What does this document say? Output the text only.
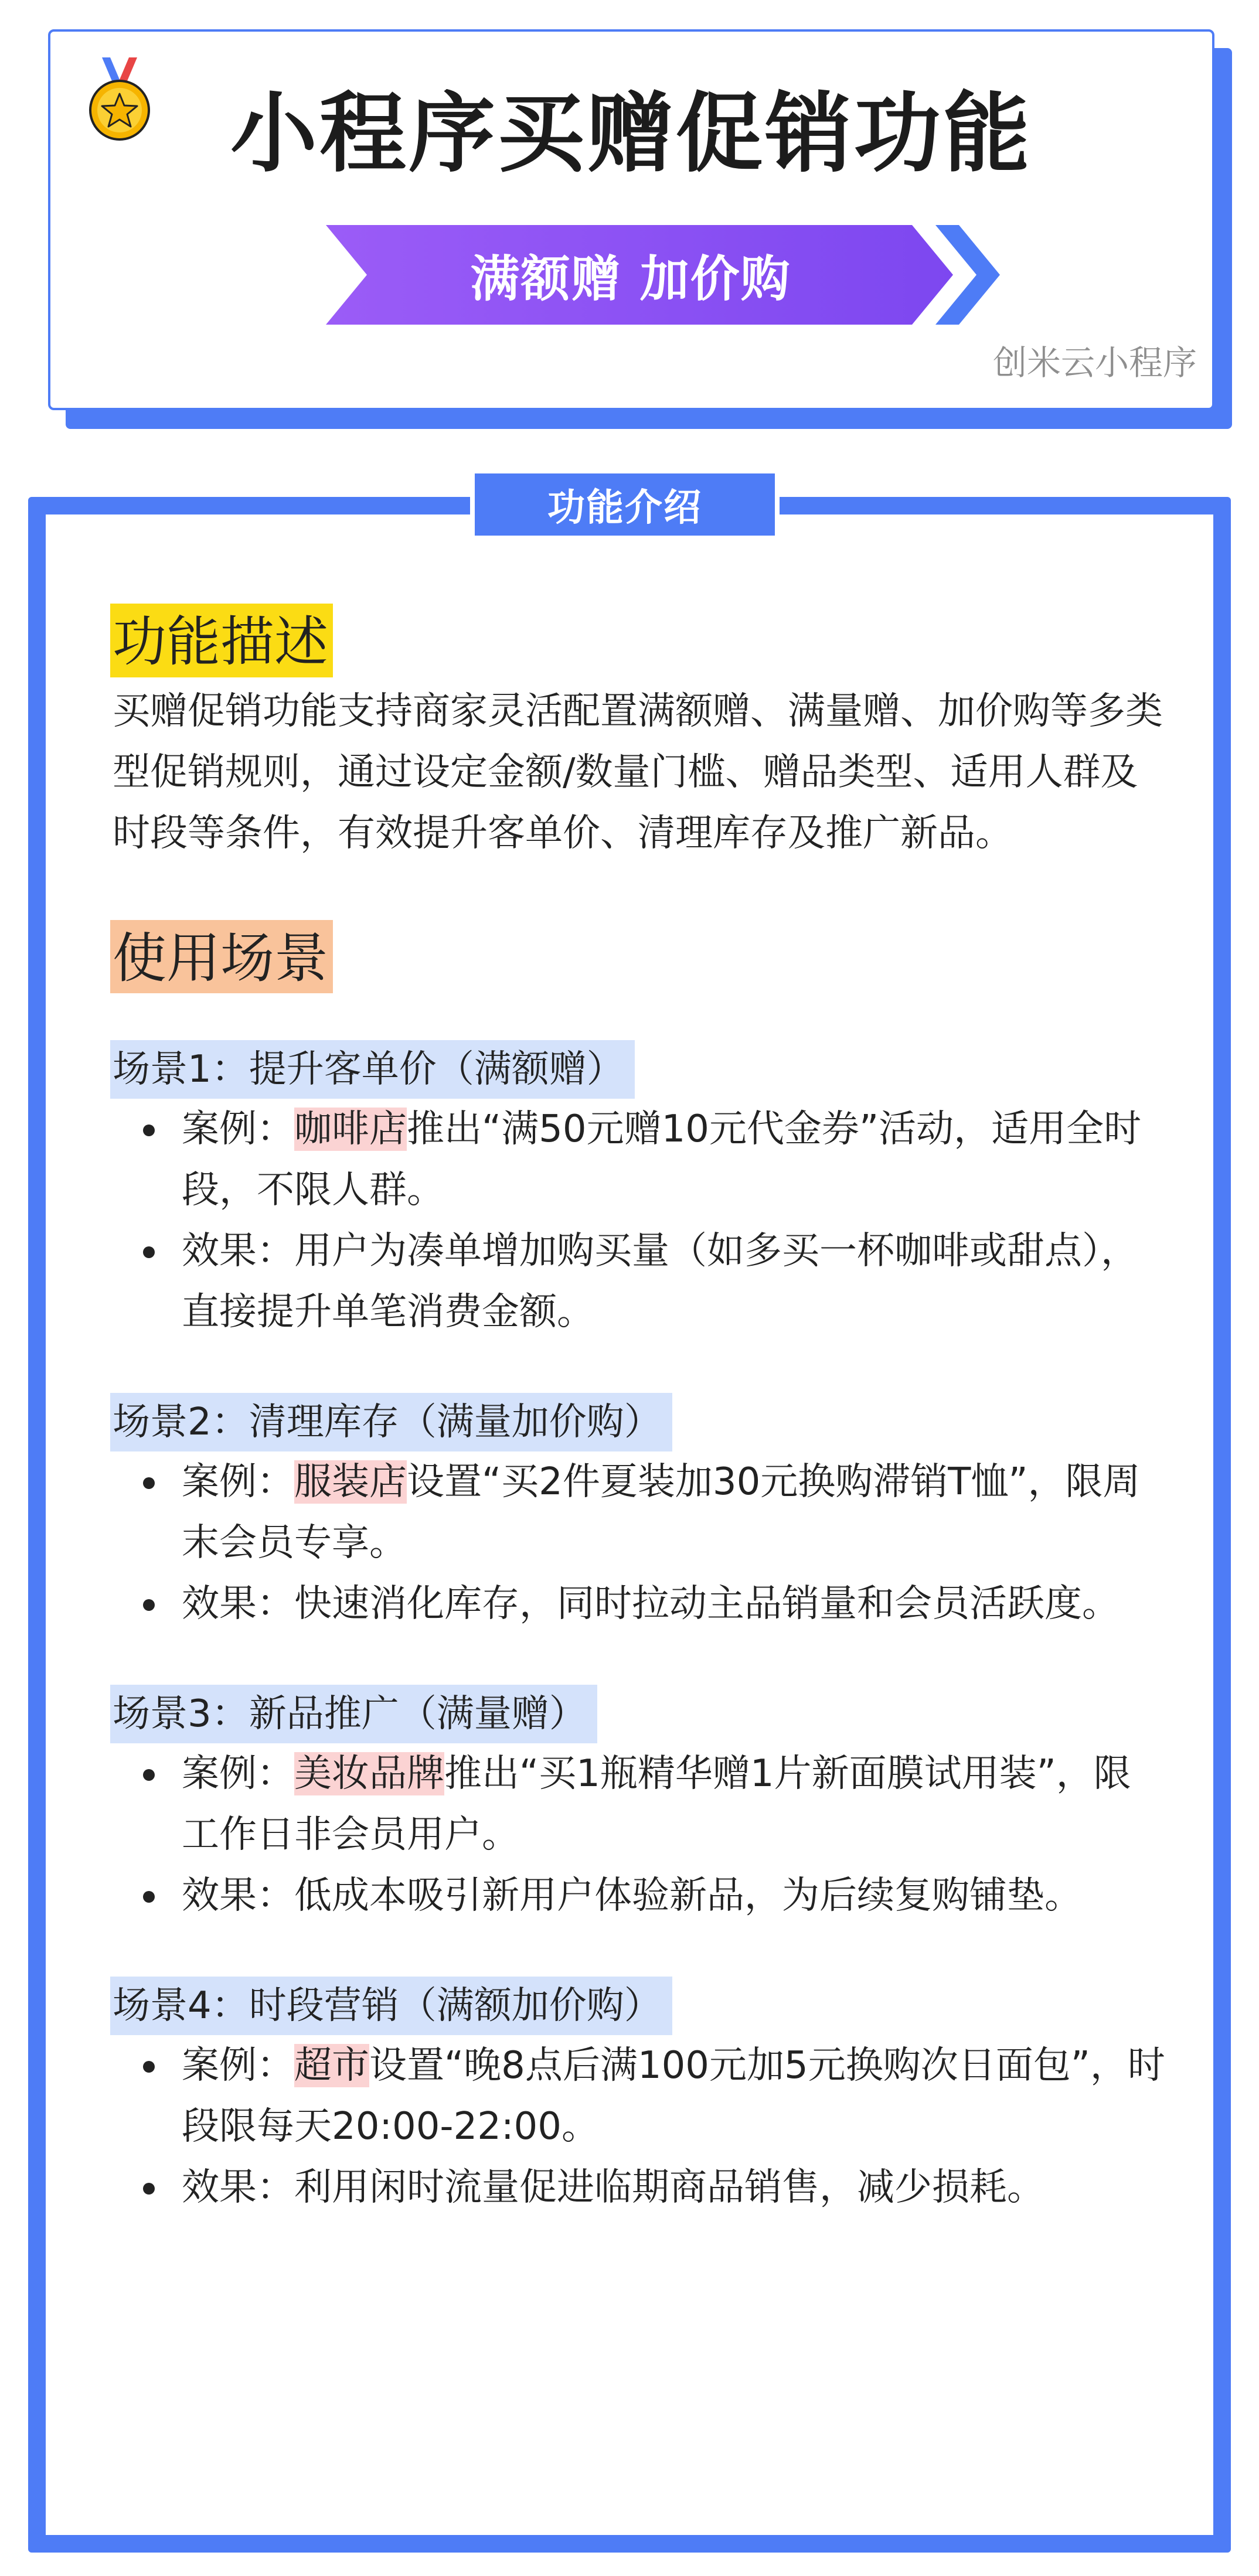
小程序买赠促销功能
满额赠 加价购
创米云小程序
功能介绍
功能描述

买赠促销功能支持商家灵活配置满额赠、满量赠、加价购等多类型促销规则，通过设定金额/数量门槛、赠品类型、适用人群及时段等条件，有效提升客单价、清理库存及推广新品。

使用场景
场景1：提升客单价（满额赠）
案例：咖啡店推出“满50元赠10元代金券”活动，适用全时段，不限人群。
效果：用户为凑单增加购买量（如多买一杯咖啡或甜点），直接提升单笔消费金额。
场景2：清理库存（满量加价购）
案例：服装店设置“买2件夏装加30元换购滞销T恤”，限周末会员专享。
效果：快速消化库存，同时拉动主品销量和会员活跃度。
场景3：新品推广（满量赠）
案例：美妆品牌推出“买1瓶精华赠1片新面膜试用装”，限工作日非会员用户。
效果：低成本吸引新用户体验新品，为后续复购铺垫。
场景4：时段营销（满额加价购）
案例：超市设置“晚8点后满100元加5元换购次日面包”，时段限每天20:00-22:00。
效果：利用闲时流量促进临期商品销售，减少损耗。
